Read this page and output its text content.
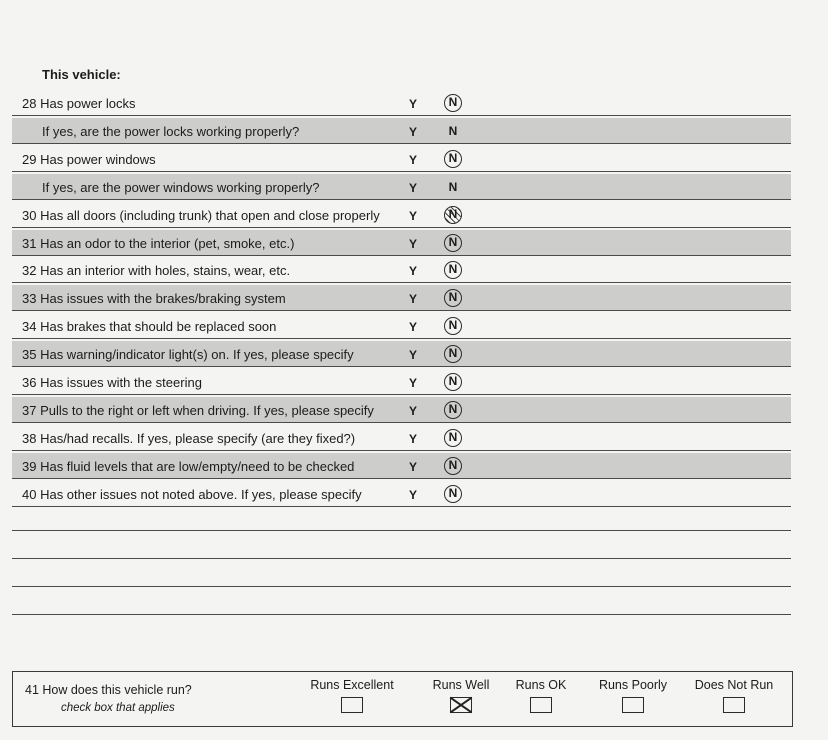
This vehicle:
28 Has power locks	Y	N
If yes, are the power locks working properly?	Y	N
29 Has power windows	Y	N
If yes, are the power windows working properly?	Y	N
30 Has all doors (including trunk) that open and close properly Y	N
31 Has an odor to the interior (pet, smoke, etc.)	Y	N
32 Has an interior with holes, stains, wear, etc.	Y	N
33 Has issues with the brakes/braking system	Y	N
34 Has brakes that should be replaced soon	Y	N
35 Has warning/indicator light(s) on. If yes, please specify	Y	N
36 Has issues with the steering	Y	N
37 Pulls to the right or left when driving. If yes, please specify	Y	N
38 Has/had recalls. If yes, please specify (are they fixed?)	Y	N
39 Has fluid levels that are low/empty/need to be checked	Y	N
40 Has other issues not noted above. If yes, please specify	Y	N
41 How does this vehicle run?
check box that applies
Runs Excellent	Runs Well	Runs OK	Runs Poorly	Does Not Run
